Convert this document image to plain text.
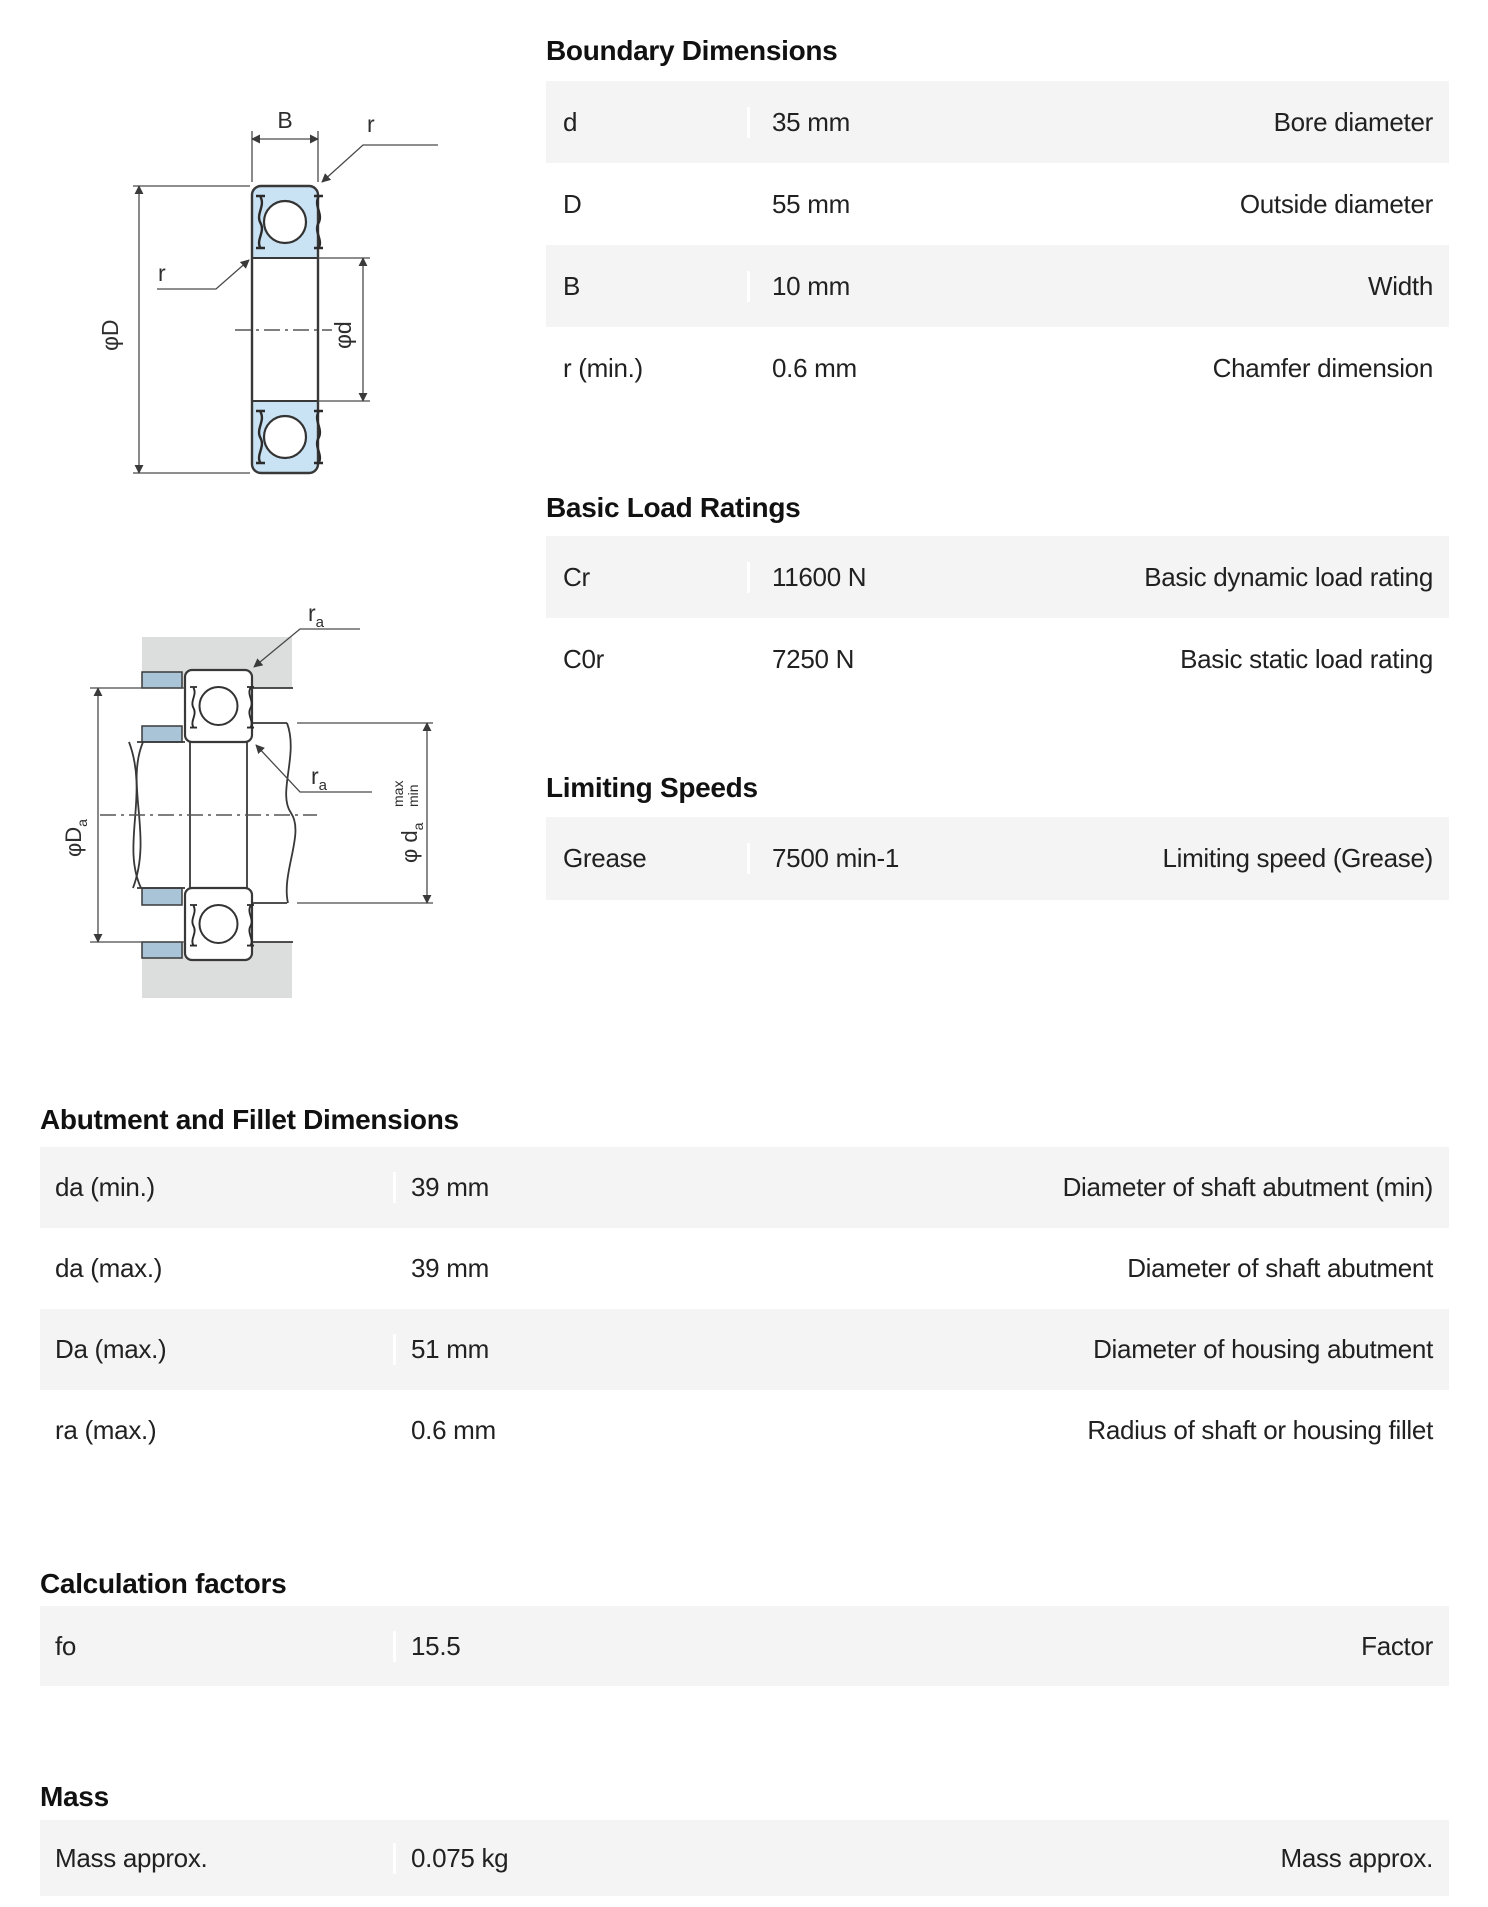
B	r
r
φD	φd
$r_a$
$r_a$
$\varphi D_a$
φ $d_a$
max min
Boundary Dimensions
Basic Load Ratings
Limiting Speeds
Abutment and Fillet Dimensions
Calculation factors
Mass
d	35 mm	Bore diameter
D	55 mm	Outside diameter
B	10 mm	Width
r (min.)	0.6 mm	Chamfer dimension
Cr	11600 N	Basic dynamic load rating
C0r	7250 N	Basic static load rating
Grease	7500 min-1	Limiting speed (Grease)
da (min.)	39 mm	Diameter of shaft abutment (min)
da (max.)	39 mm	Diameter of shaft abutment
Da (max.)	51 mm	Diameter of housing abutment
ra (max.)	0.6 mm	Radius of shaft or housing fillet
fo	15.5	Factor
Mass approx.	0.075 kg	Mass approx.
